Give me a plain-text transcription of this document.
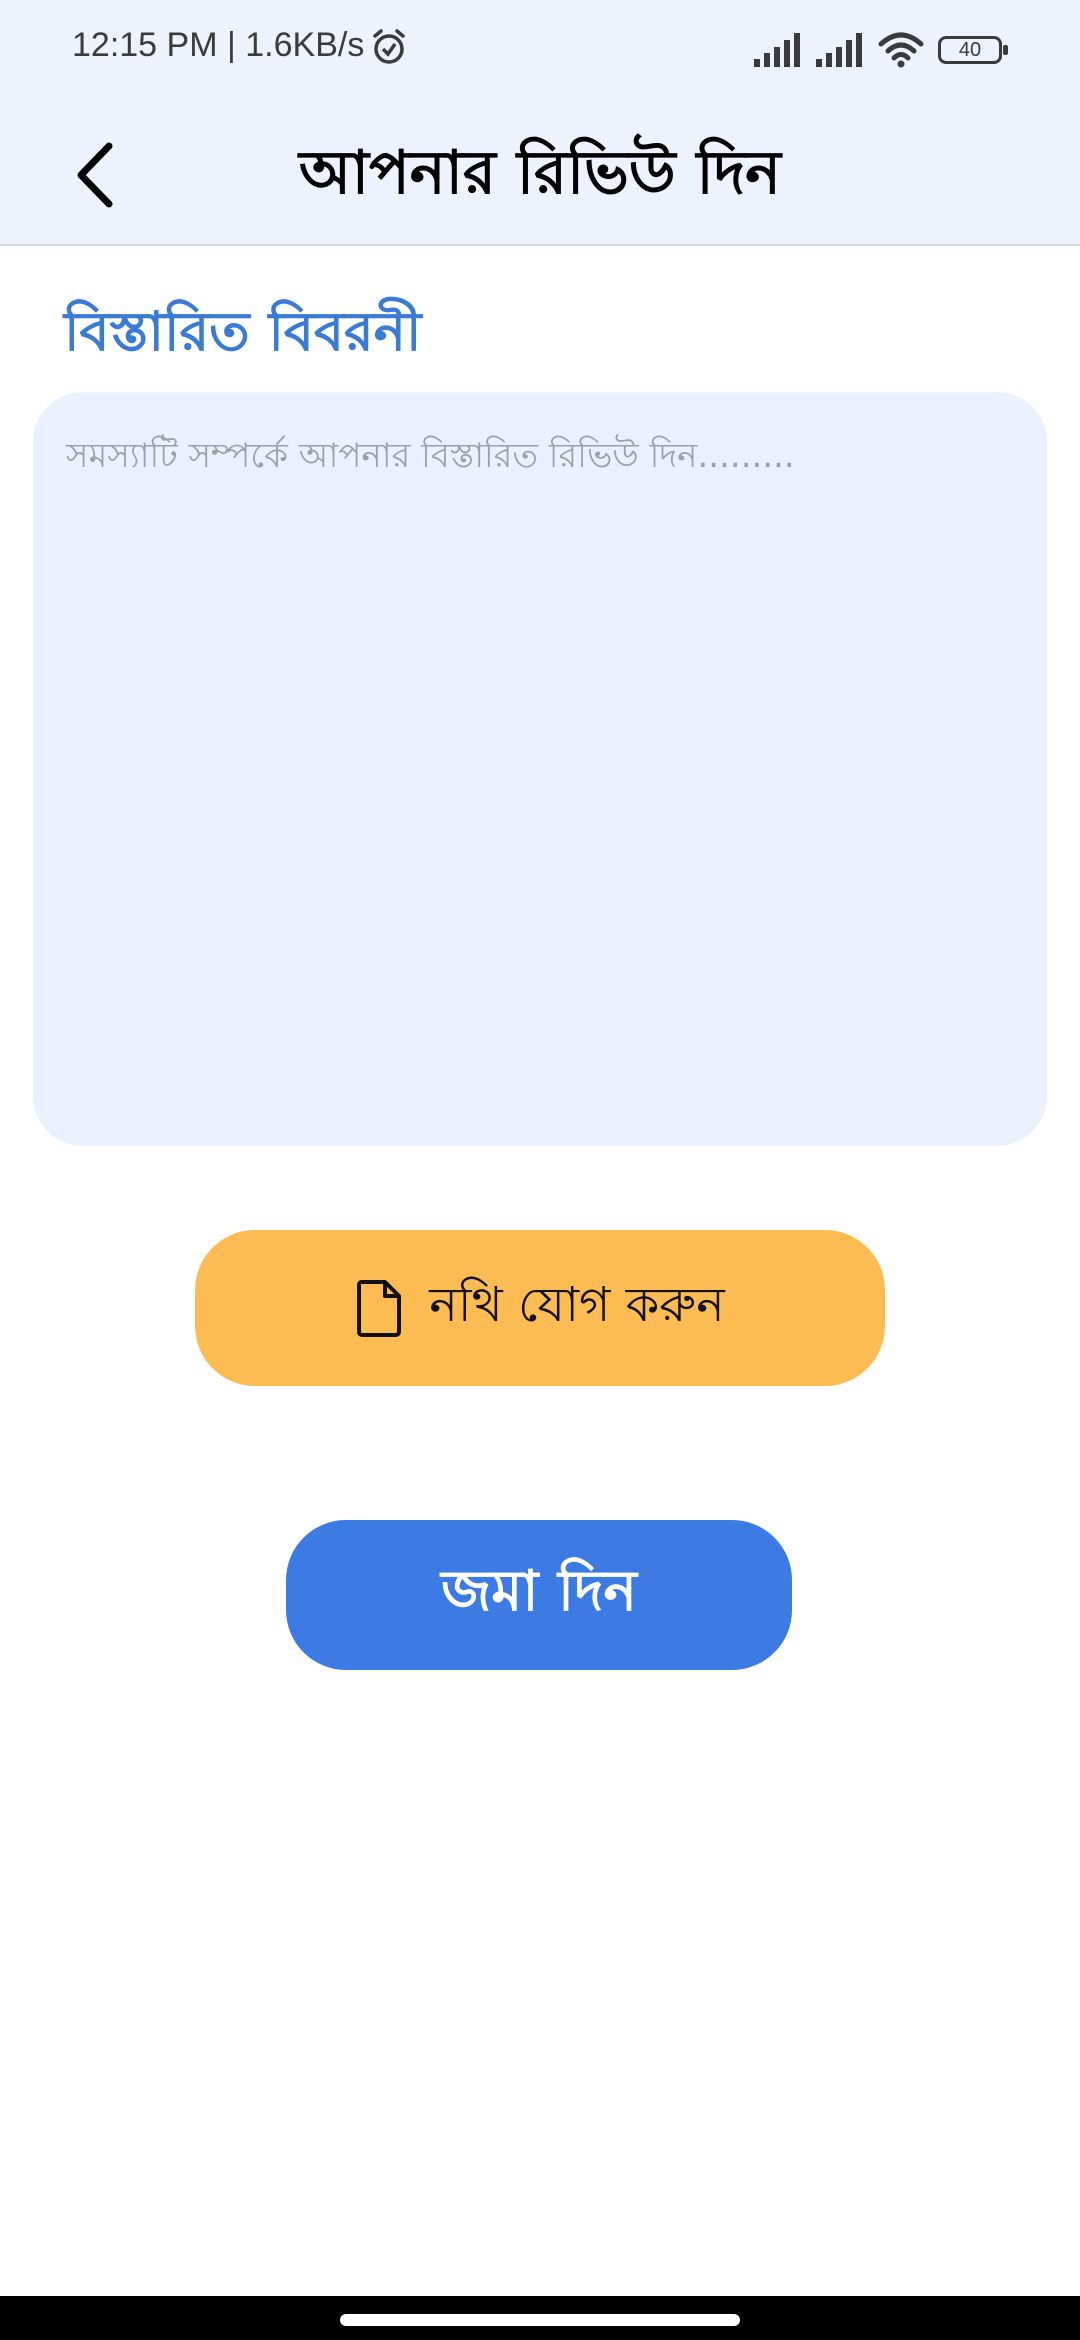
12:15 PM | 1.6KB/s	40
আপনার রিভিউ দিন
বিস্তারিত বিবরনী
সমস্যাটি সম্পর্কে আপনার বিস্তারিত রিভিউ দিন.........
নথি যোগ করুন
জমা দিন
